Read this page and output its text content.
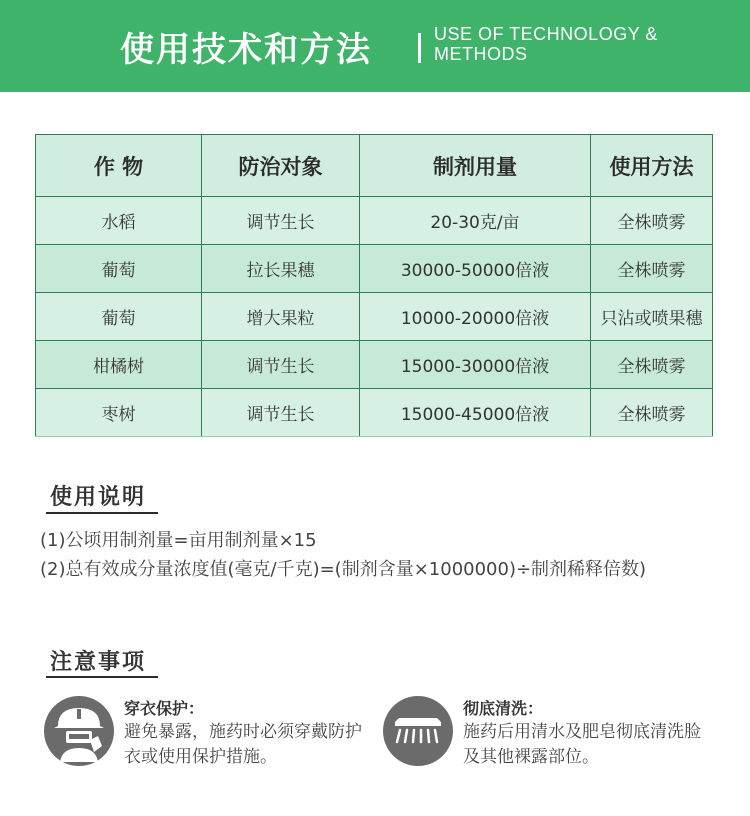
使用技术和方法	USE OF TECHNOLOGY &
METHODS
作 物	防治对象	制剂用量	使用方法
水稻	调节生长	20-30克/亩	全株喷雾
葡萄	拉长果穗	30000-50000倍液	全株喷雾
葡萄	增大果粒	10000-20000倍液	只沾或喷果穗
柑橘树	调节生长	15000-30000倍液	全株喷雾
枣树	调节生长	15000-45000倍液	全株喷雾
使用说明
(1)公顷用制剂量=亩用制剂量×15
(2)总有效成分量浓度值(毫克/千克)=(制剂含量×1000000)÷制剂稀释倍数)
注意事项
穿衣保护：
避免暴露，施药时必须穿戴防护衣或使用保护措施。
彻底清洗：
施药后用清水及肥皂彻底清洗脸及其他裸露部位。
